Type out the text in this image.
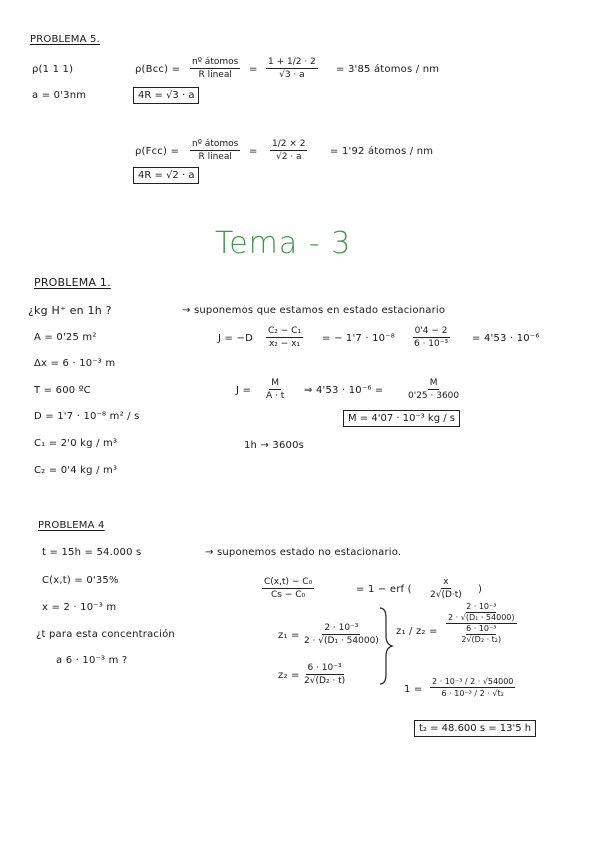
PROBLEMA 5.
ρ(1 1 1)
a = 0'3nm
ρ(Bcc) =
nº átomos
R lineal = $\frac{1 + 1/2 \cdot 2}{√3 \cdot a} = 3'85$ átomos / nm
4R = √3 · a
ρ(Fcc) =
nº átomos
R lineal = $\frac{1/2 \times 2}{√2 \cdot a} = 1'92$ átomos / nm
4R = √2 · a
Tema - 3
PROBLEMA 1.
¿kg H⁺ en 1h ?	→ suponemos que estamos en estado estacionario
A = 0'25 m²
Δx = 6 · 10⁻³ m
T = 600 ºC
D = 1'7 · 10⁻⁸ m² / s
C₁ = 2'0 kg / m³
C₂ = 0'4 kg / m³
$J = -D \frac{\text{C₂ − C₁}}{\text{x₂ − x₁}}$ = − $1'7 \cdot 10^{-8} \frac{0'4 - 2}{\text{6 · 10⁻³}} = 4'53 \cdot 10^{-6}$
$J = \frac{M}{A \cdot t}$ ⇒ 4'53 · 10⁻⁶ =	$\frac{M}{0'25 \cdot 3600}$
M = 4'07 · 10⁻³ kg / s
1h → 3600s
PROBLEMA 4
t = 15h = 54.000 s	→ suponemos estado no estacionario.
C(x,t) = 0'35%
x = 2 · 10⁻³ m
¿t para esta concentración
a 6 · 10⁻³ m ?
$\frac{\text{C(x,t) − C₀}}{\text{Cs − C₀}}$	= 1 − erf ( $\frac{x}{2√(D\cdot t)}$ )
$z_1 = \frac{\text{2 · 10⁻³}}{\text{2 · √(D₁ · 54000)}}$
$z_2 = \frac{\text{6 · 10⁻³}}{\text{2√(D₂ · t)}}$
$z_1 / z_2 = \frac{\frac{\text{2 · 10⁻³}}{\text{2 · √(D₁ · 54000)}}}{\frac{\text{6 · 10⁻³}}{\text{2√(D₂ · t₂)}}}$
$1 = \frac{\text{2 · 10⁻³ / 2 · √54000}}{\text{6 · 10⁻³ / 2 · √t₂}}$
t₂ = 48.600 s = 13'5 h
